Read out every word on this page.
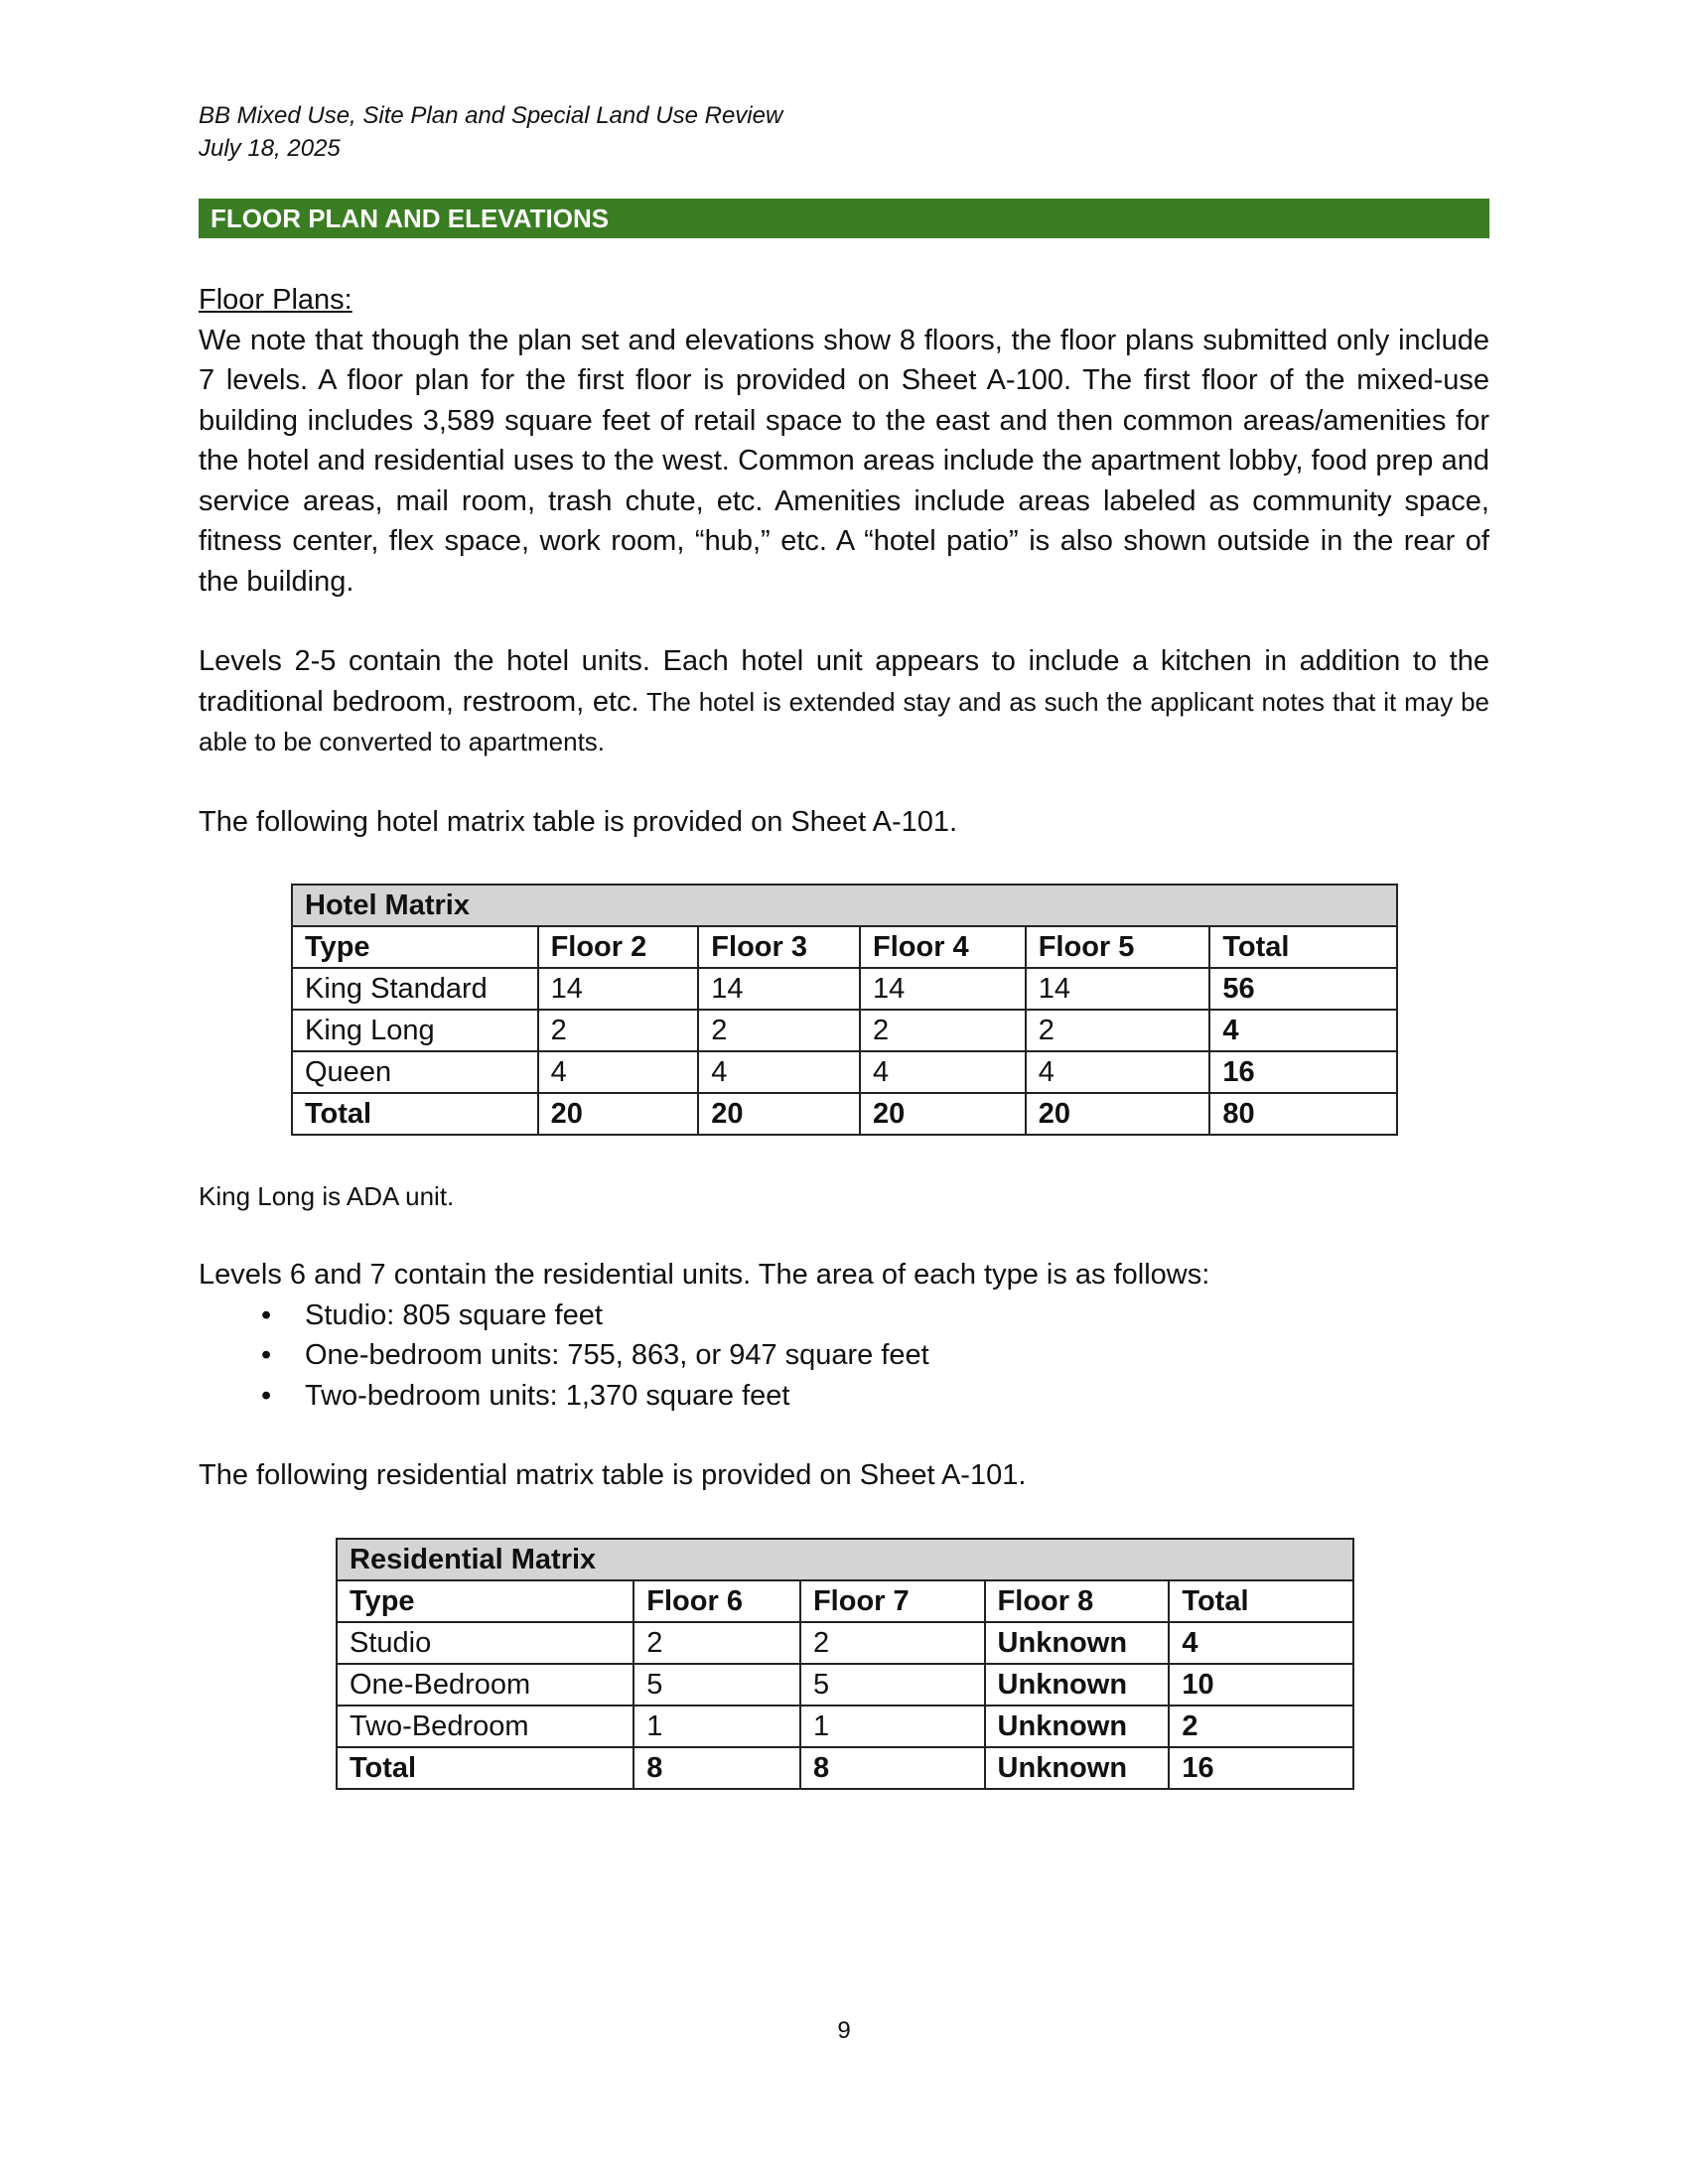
BB Mixed Use, Site Plan and Special Land Use Review
July 18, 2025
FLOOR PLAN AND ELEVATIONS
Floor Plans:

We note that though the plan set and elevations show 8 floors, the floor plans submitted only include 7 levels. A floor plan for the first floor is provided on Sheet A-100. The first floor of the mixed-use building includes 3,589 square feet of retail space to the east and then common areas/amenities for the hotel and residential uses to the west. Common areas include the apartment lobby, food prep and service areas, mail room, trash chute, etc. Amenities include areas labeled as community space, fitness center, flex space, work room, “hub,” etc. A “hotel patio” is also shown outside in the rear of the building.

Levels 2-5 contain the hotel units. Each hotel unit appears to include a kitchen in addition to the traditional bedroom, restroom, etc. The hotel is extended stay and as such the applicant notes that it may be able to be converted to apartments.

The following hotel matrix table is provided on Sheet A-101.

Hotel Matrix					
Type	Floor 2	Floor 3	Floor 4	Floor 5	Total
King Standard	14	14	14	14	56
King Long	2	2	2	2	4
Queen	4	4	4	4	16
Total	20	20	20	20	80

King Long is ADA unit.

Levels 6 and 7 contain the residential units. The area of each type is as follows:

• Studio: 805 square feet
• One-bedroom units: 755, 863, or 947 square feet
• Two-bedroom units: 1,370 square feet

The following residential matrix table is provided on Sheet A-101.

Residential Matrix				
Type	Floor 6	Floor 7	Floor 8	Total
Studio	2	2	Unknown	4
One-Bedroom	5	5	Unknown	10
Two-Bedroom	1	1	Unknown	2
Total	8	8	Unknown	16
9
